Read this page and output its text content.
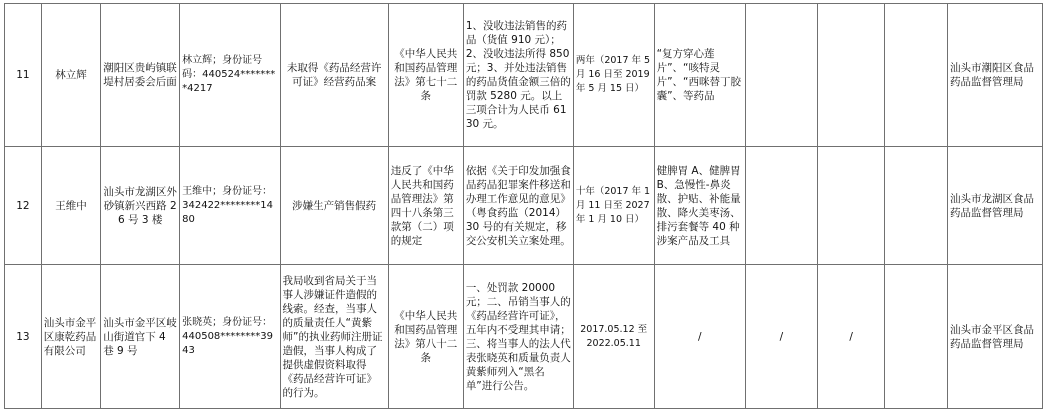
11	林立辉	潮阳区贵屿镇联堤村居委会后面	林立辉；身份证号码：440524********4217	未取得《药品经营许可证》经营药品案	《中华人民共和国药品管理法》第七十二条	1、没收违法销售的药品（货值 910 元）；2、没收违法所得 850 元；3、并处违法销售的药品货值金额三倍的罚款 5280 元。以上三项合计为人民币 6130 元。	两年（2017 年 5 月 16 日至 2019 年 5 月 15 日）	“复方穿心莲片”、“咳特灵片”、“西咪替丁胶囊”、等药品				汕头市潮阳区食品药品监督管理局
12	王维中	汕头市龙湖区外砂镇新兴西路 26 号 3 楼	王维中；身份证号：342422********1480	涉嫌生产销售假药	违反了《中华人民共和国药品管理法》第四十八条第三款第（二）项的规定	依据《关于印发加强食品药品犯罪案件移送和办理工作意见的意见》（粤食药监（2014）30 号的有关规定，移交公安机关立案处理。	十年（2017 年 1 月 11 日至 2027 年 1 月 10 日）	健脾胃 A、健脾胃 B、急慢性-鼻炎散、护贴、补能量散、降火美枣汤、排污套餐等 40 种涉案产品及工具				汕头市龙湖区食品药品监督管理局
13	汕头市金平区康乾药品有限公司	汕头市金平区岐山街道官下 4 巷 9 号	张晓英；身份证号：440508********3943	我局收到省局关于当事人涉嫌证件造假的线索。经查，当事人的质量责任人“黄紫师”的执业药师注册证造假，当事人构成了提供虚假资料取得《药品经营许可证》的行为。	《中华人民共和国药品管理法》第八十二条	一、处罚款 20000 元；二、吊销当事人的《药品经营许可证》，五年内不受理其申请；三、将当事人的法人代表张晓英和质量负责人黄紫师列入“黑名单”进行公告。	2017.05.12 至 2022.05.11	/	/	/		汕头市金平区食品药品监督管理局
